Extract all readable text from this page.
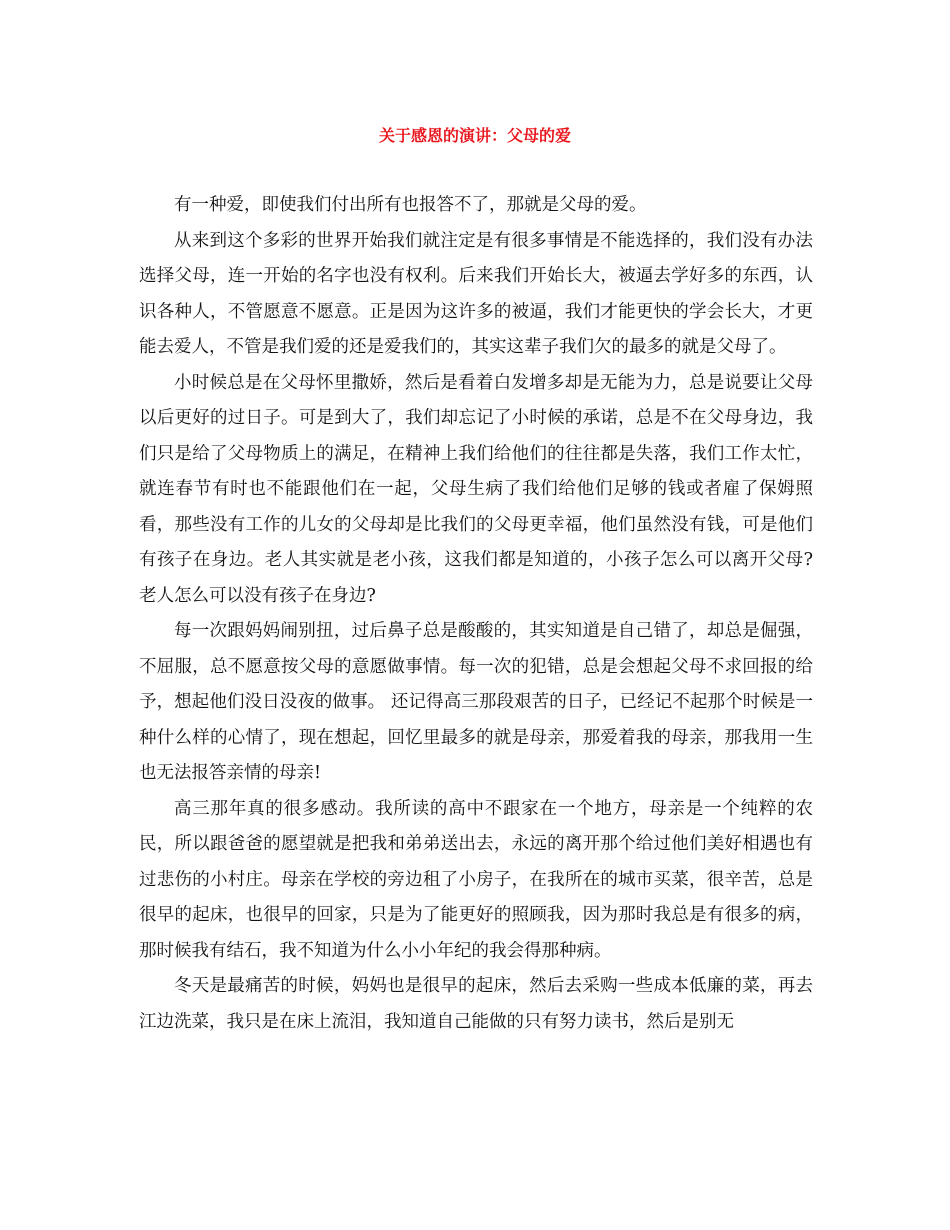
关于感恩的演讲：父母的爱

有一种爱，即使我们付出所有也报答不了，那就是父母的爱。

从来到这个多彩的世界开始我们就注定是有很多事情是不能选择的，我们没有办法选择父母，连一开始的名字也没有权利。后来我们开始长大，被逼去学好多的东西，认识各种人，不管愿意不愿意。正是因为这许多的被逼，我们才能更快的学会长大，才更能去爱人，不管是我们爱的还是爱我们的，其实这辈子我们欠的最多的就是父母了。

小时候总是在父母怀里撒娇，然后是看着白发增多却是无能为力，总是说要让父母以后更好的过日子。可是到大了，我们却忘记了小时候的承诺，总是不在父母身边，我们只是给了父母物质上的满足，在精神上我们给他们的往往都是失落，我们工作太忙，就连春节有时也不能跟他们在一起，父母生病了我们给他们足够的钱或者雇了保姆照看，那些没有工作的儿女的父母却是比我们的父母更幸福，他们虽然没有钱，可是他们有孩子在身边。老人其实就是老小孩，这我们都是知道的，小孩子怎么可以离开父母?老人怎么可以没有孩子在身边?

每一次跟妈妈闹别扭，过后鼻子总是酸酸的，其实知道是自己错了，却总是倔强，不屈服，总不愿意按父母的意愿做事情。每一次的犯错，总是会想起父母不求回报的给予，想起他们没日没夜的做事。 还记得高三那段艰苦的日子，已经记不起那个时候是一种什么样的心情了，现在想起，回忆里最多的就是母亲，那爱着我的母亲，那我用一生也无法报答亲情的母亲!

高三那年真的很多感动。我所读的高中不跟家在一个地方，母亲是一个纯粹的农民，所以跟爸爸的愿望就是把我和弟弟送出去，永远的离开那个给过他们美好相遇也有过悲伤的小村庄。母亲在学校的旁边租了小房子，在我所在的城市买菜，很辛苦，总是很早的起床，也很早的回家，只是为了能更好的照顾我，因为那时我总是有很多的病，那时候我有结石，我不知道为什么小小年纪的我会得那种病。

冬天是最痛苦的时候，妈妈也是很早的起床，然后去采购一些成本低廉的菜，再去江边洗菜，我只是在床上流泪，我知道自己能做的只有努力读书，然后是别无
